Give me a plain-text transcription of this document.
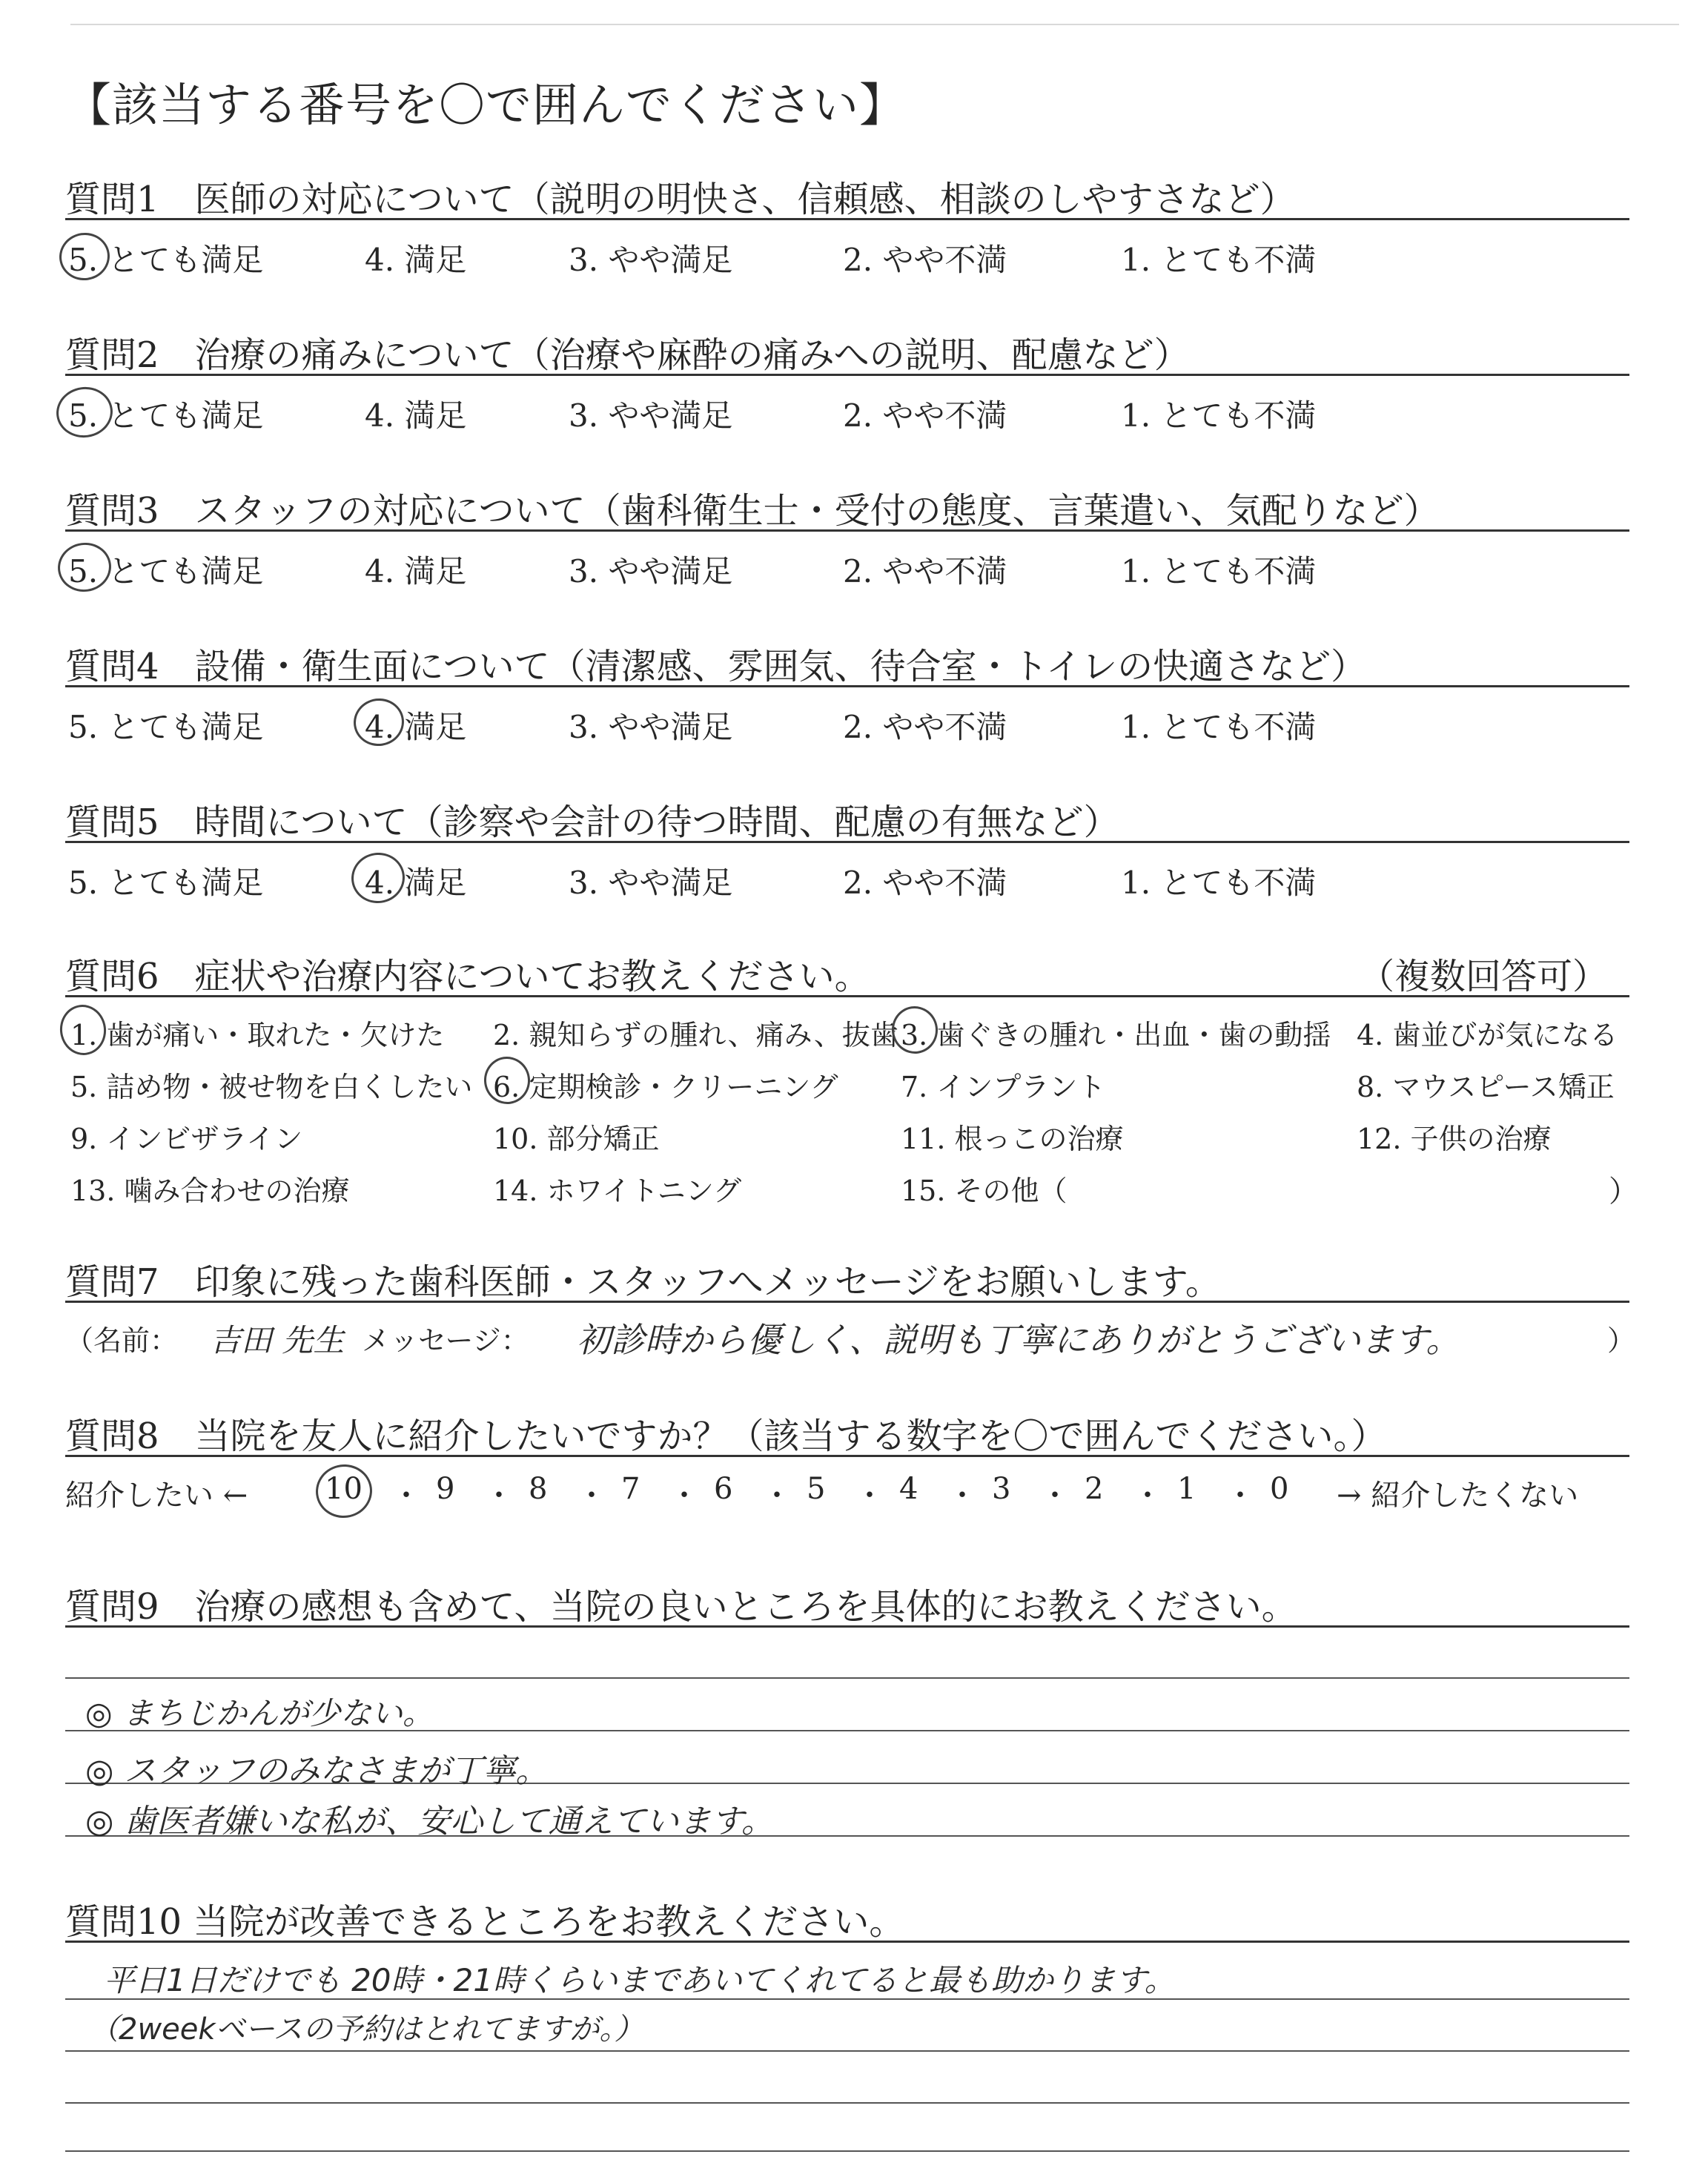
【該当する番号を〇で囲んでください】
質問1　医師の対応について（説明の明快さ、信頼感、相談のしやすさなど）
5. とても満足	4. 満足	3. やや満足	2. やや不満	1. とても不満
質問2　治療の痛みについて（治療や麻酔の痛みへの説明、配慮など）
5. とても満足	4. 満足	3. やや満足	2. やや不満	1. とても不満
質問3　スタッフの対応について（歯科衛生士・受付の態度、言葉遣い、気配りなど）
5. とても満足	4. 満足	3. やや満足	2. やや不満	1. とても不満
質問4　設備・衛生面について（清潔感、雰囲気、待合室・トイレの快適さなど）
5. とても満足	4. 満足	3. やや満足	2. やや不満	1. とても不満
質問5　時間について（診察や会計の待つ時間、配慮の有無など）
5. とても満足	4. 満足	3. やや満足	2. やや不満	1. とても不満
質問6　症状や治療内容についてお教えください。	（複数回答可）
1. 歯が痛い・取れた・欠けた 2. 親知らずの腫れ、痛み、抜歯 3. 歯ぐきの腫れ・出血・歯の動揺 4. 歯並びが気になる
5. 詰め物・被せ物を白くしたい 6. 定期検診・クリーニング 7. インプラント	8. マウスピース矯正
9. インビザライン	10. 部分矯正	11. 根っこの治療	12. 子供の治療
13. 噛み合わせの治療	14. ホワイトニング	15. その他（	）
質問7　印象に残った歯科医師・スタッフへメッセージをお願いします。
（名前： 吉田 先生 メッセージ： 初診時から優しく、説明も丁寧にありがとうございます。	）
質問8　当院を友人に紹介したいですか？（該当する数字を〇で囲んでください。）
紹介したい ←	10 ・ 9 ・ 8 ・ 7 ・ 6 ・ 5 ・ 4 ・ 3 ・ 2 ・ 1 ・ 0 → 紹介したくない
質問9　治療の感想も含めて、当院の良いところを具体的にお教えください。
◎ まちじかんが少ない。
◎ スタッフのみなさまが丁寧。
◎ 歯医者嫌いな私が、安心して通えています。
質問10 当院が改善できるところをお教えください。
平日1日だけでも 20時・21時くらいまであいてくれてると最も助かります。
（2weekベースの予約はとれてますが。）
